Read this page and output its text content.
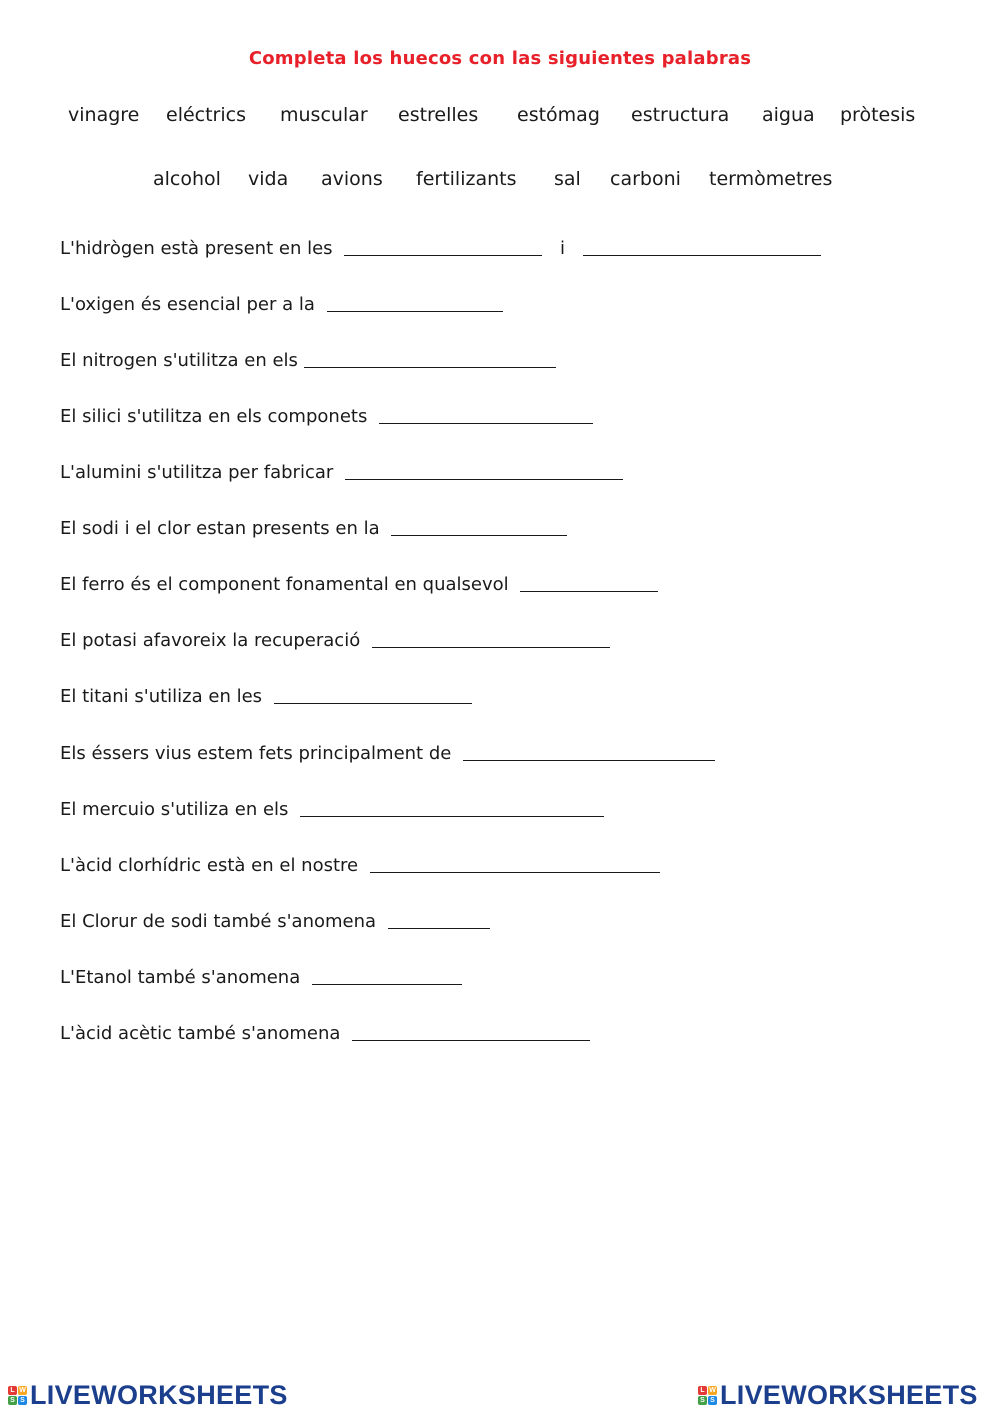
Completa los huecos con las siguientes palabras
vinagre eléctrics muscular estrelles estómag estructura aigua pròtesis
alcohol vida avions fertilizants sal carboni termòmetres
L'hidrògen està present en les	i
L'oxigen és esencial per a la
El nitrogen s'utilitza en els
El silici s'utilitza en els componets
L'alumini s'utilitza per fabricar
El sodi i el clor estan presents en la
El ferro és el component fonamental en qualsevol
El potasi afavoreix la recuperació
El titani s'utiliza en les
Els éssers vius estem fets principalment de
El mercuio s'utiliza en els
L'àcid clorhídric està en el nostre
El Clorur de sodi també s'anomena
L'Etanol també s'anomena
L'àcid acètic també s'anomena
L W
S S LIVEWORKSHEETS	L W
S S LIVEWORKSHEETS
